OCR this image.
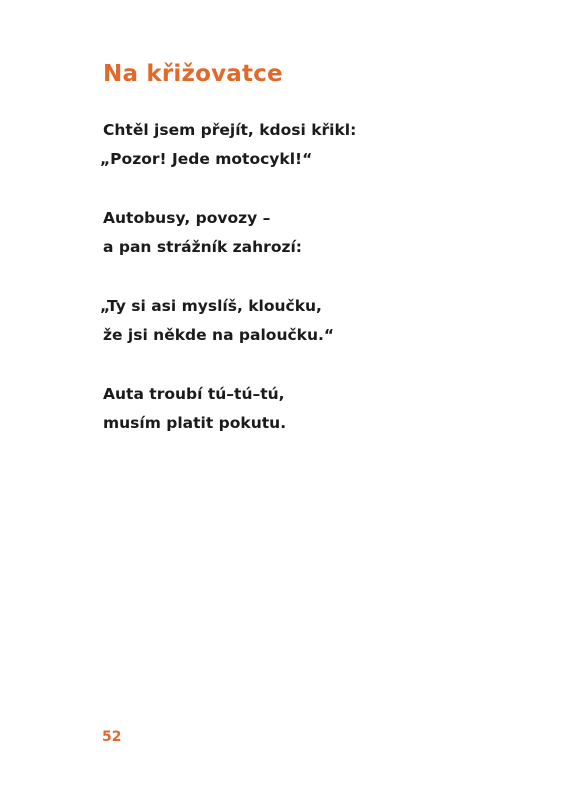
Na křižovatce

Chtěl jsem přejít, kdosi křikl:
„Pozor! Jede motocykl!“

Autobusy, povozy –
a pan strážník zahrozí:

„Ty si asi myslíš, kloučku,
že jsi někde na paloučku.“

Auta troubí tú–tú–tú,
musím platit pokutu.

52
